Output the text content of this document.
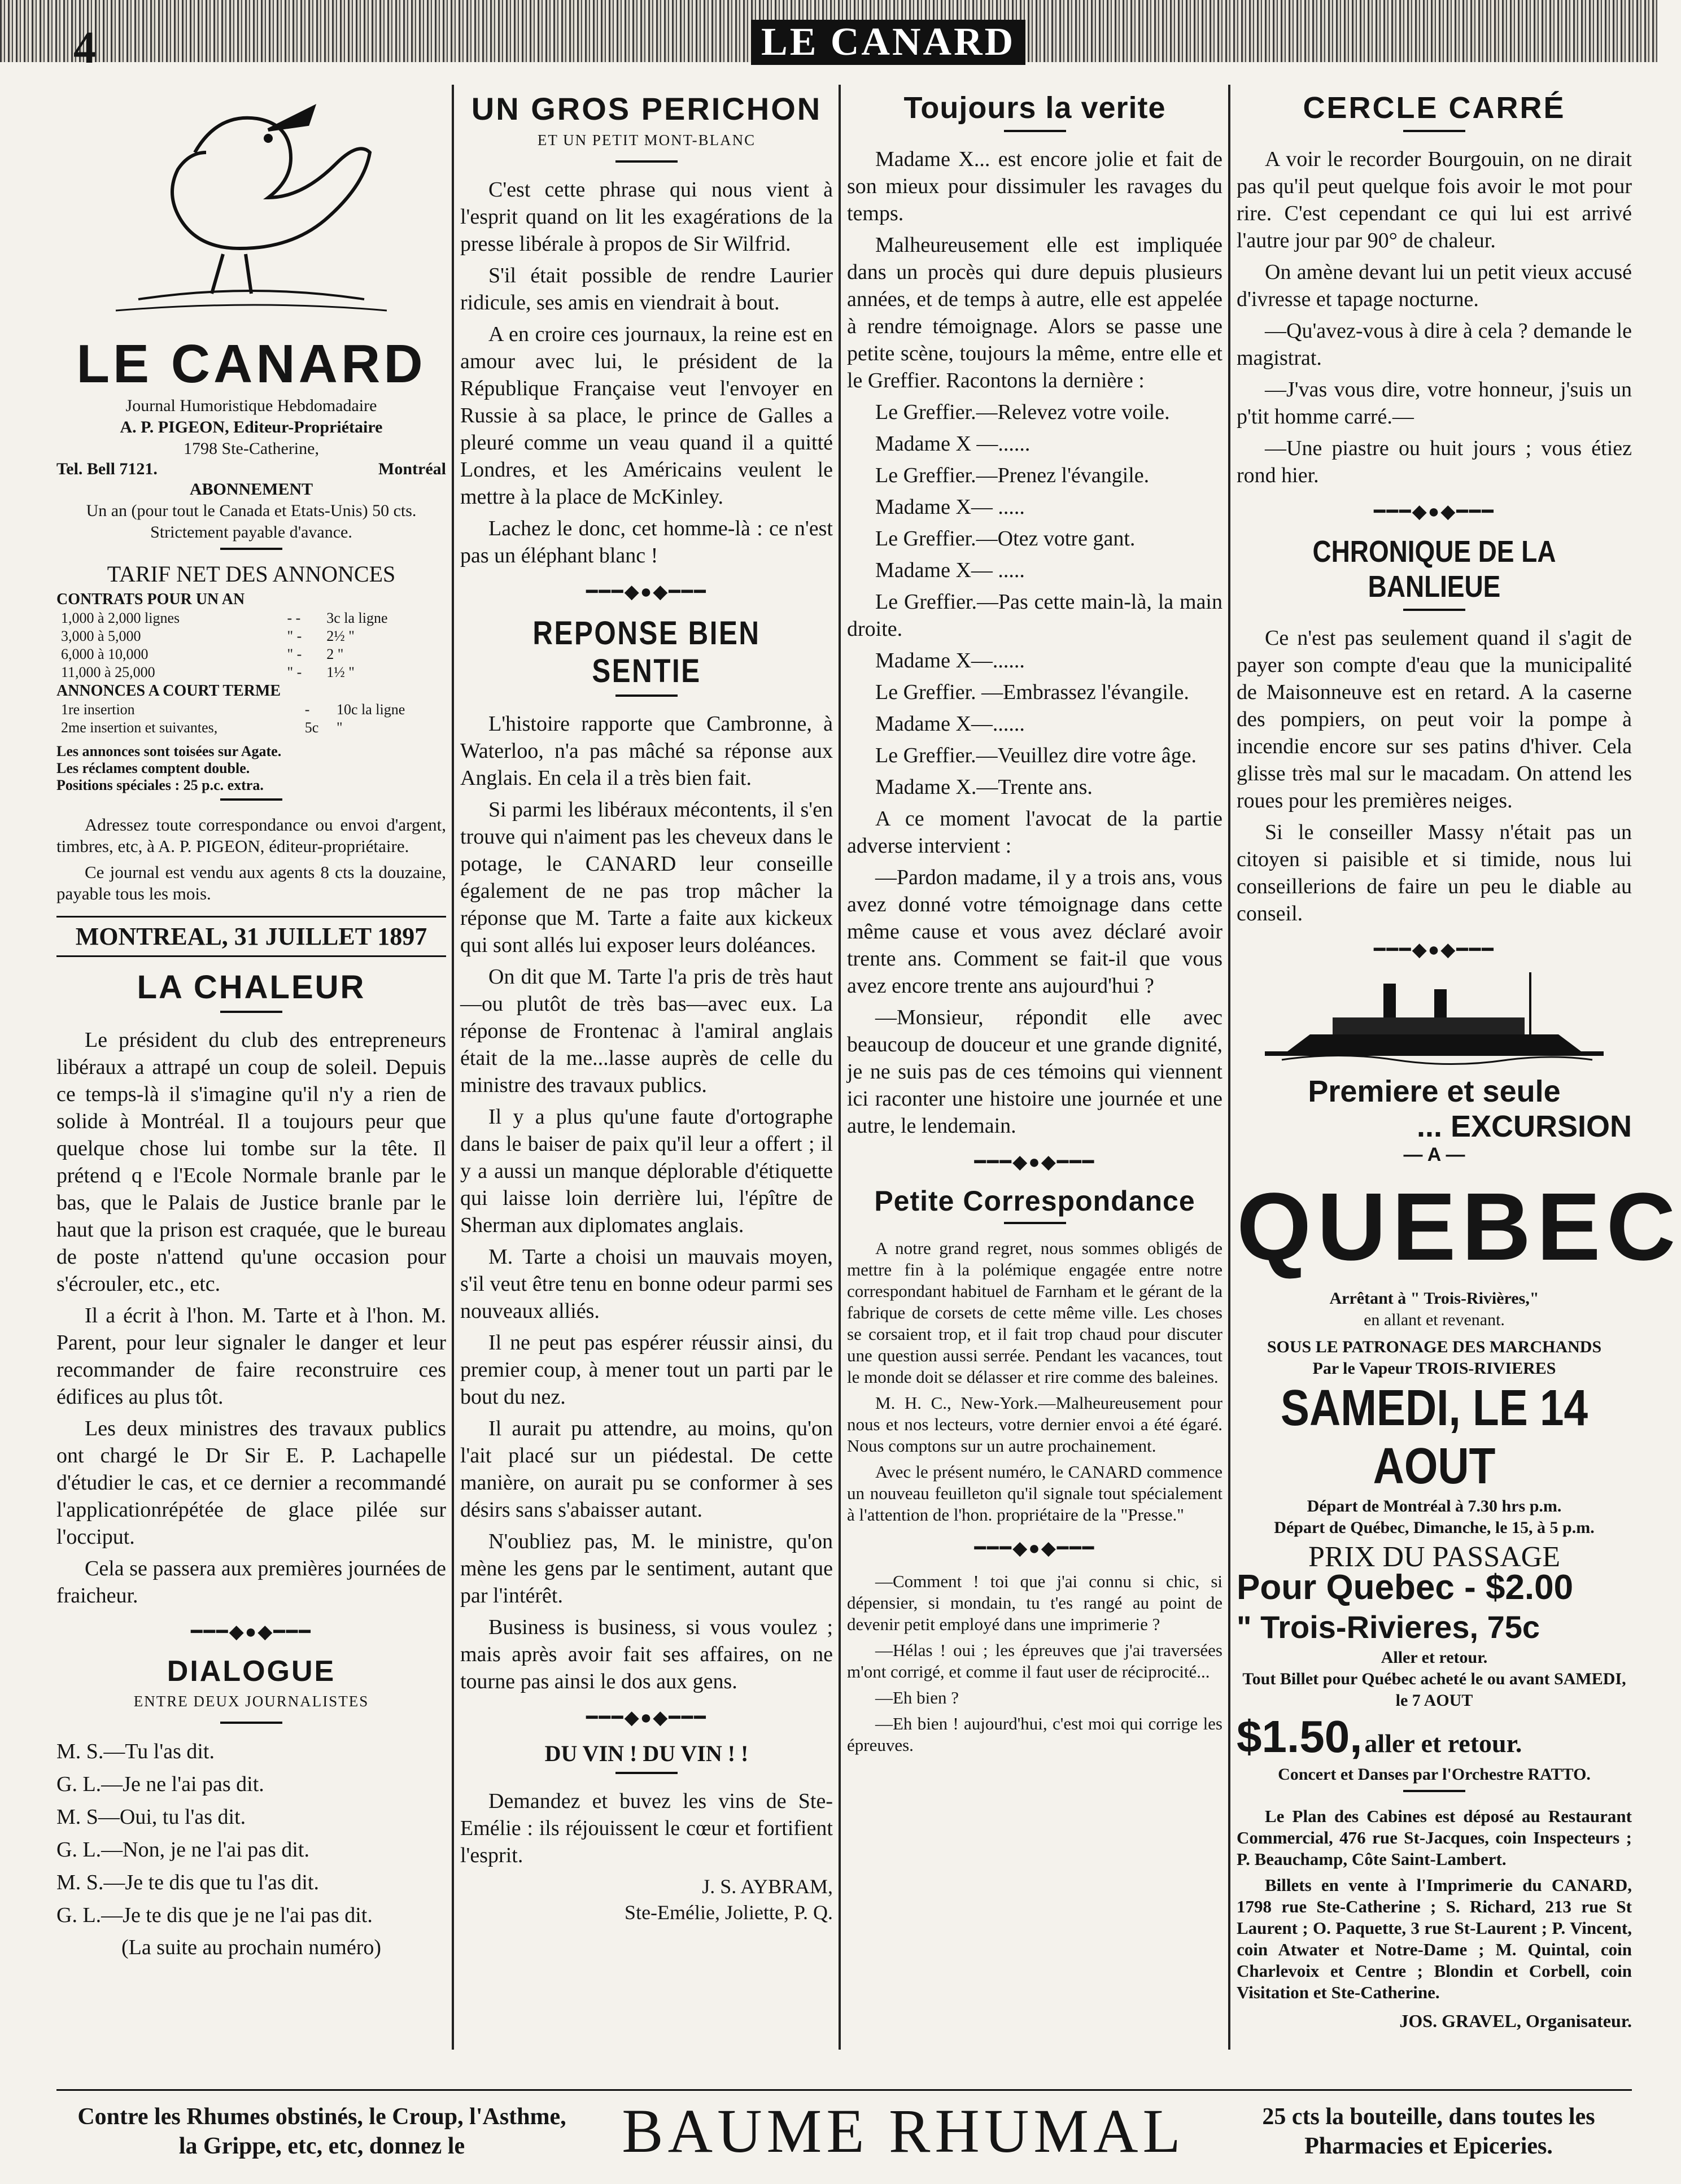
4	LE CANARD
LE CANARD
Journal Humoristique Hebdomadaire
A. P. PIGEON, Editeur-Propriétaire
1798 Ste-Catherine,
Tel. Bell 7121.	Montréal
ABONNEMENT
Un an (pour tout le Canada et Etats-Unis) 50 cts. Strictement payable d'avance.
TARIF NET DES ANNONCES
CONTRATS POUR UN AN
1,000 à 2,000 lignes	- -	3c la ligne
3,000 à 5,000	" -	2½ "
6,000 à 10,000	" -	2 "
11,000 à 25,000	" -	1½ "
ANNONCES A COURT TERME
1re insertion	-	10c la ligne
2me insertion et suivantes,	5c	"
Les annonces sont toisées sur Agate.
Les réclames comptent double.
Positions spéciales : 25 p.c. extra.

Adressez toute correspondance ou envoi d'argent, timbres, etc, à A. P. PIGEON, éditeur-propriétaire.

Ce journal est vendu aux agents 8 cts la douzaine, payable tous les mois.

MONTREAL, 31 JUILLET 1897
LA CHALEUR

Le président du club des entrepreneurs libéraux a attrapé un coup de soleil. Depuis ce temps-là il s'imagine qu'il n'y a rien de solide à Montréal. Il a toujours peur que quelque chose lui tombe sur la tête. Il prétend q e l'Ecole Normale branle par le bas, que le Palais de Justice branle par le haut que la prison est craquée, que le bureau de poste n'attend qu'une occasion pour s'écrouler, etc., etc.

Il a écrit à l'hon. M. Tarte et à l'hon. M. Parent, pour leur signaler le danger et leur recommander de faire reconstruire ces édifices au plus tôt.

Les deux ministres des travaux publics ont chargé le Dr Sir E. P. Lachapelle d'étudier le cas, et ce dernier a recommandé l'applicationrépétée de glace pilée sur l'occiput.

Cela se passera aux premières journées de fraicheur.

━━━◆●◆━━━
DIALOGUE
ENTRE DEUX JOURNALISTES

M. S.—Tu l'as dit.

G. L.—Je ne l'ai pas dit.

M. S—Oui, tu l'as dit.

G. L.—Non, je ne l'ai pas dit.

M. S.—Je te dis que tu l'as dit.

G. L.—Je te dis que je ne l'ai pas dit.

(La suite au prochain numéro)

UN GROS PERICHON
ET UN PETIT MONT-BLANC

C'est cette phrase qui nous vient à l'esprit quand on lit les exagérations de la presse libérale à propos de Sir Wilfrid.

S'il était possible de rendre Laurier ridicule, ses amis en viendrait à bout.

A en croire ces journaux, la reine est en amour avec lui, le président de la République Française veut l'envoyer en Russie à sa place, le prince de Galles a pleuré comme un veau quand il a quitté Londres, et les Américains veulent le mettre à la place de McKinley.

Lachez le donc, cet homme-là : ce n'est pas un éléphant blanc !

━━━◆●◆━━━
REPONSE BIEN SENTIE

L'histoire rapporte que Cambronne, à Waterloo, n'a pas mâché sa réponse aux Anglais. En cela il a très bien fait.

Si parmi les libéraux mécontents, il s'en trouve qui n'aiment pas les cheveux dans le potage, le CANARD leur conseille également de ne pas trop mâcher la réponse que M. Tarte a faite aux kickeux qui sont allés lui exposer leurs doléances.

On dit que M. Tarte l'a pris de très haut—ou plutôt de très bas—avec eux. La réponse de Frontenac à l'amiral anglais était de la me...lasse auprès de celle du ministre des travaux publics.

Il y a plus qu'une faute d'ortographe dans le baiser de paix qu'il leur a offert ; il y a aussi un manque déplorable d'étiquette qui laisse loin derrière lui, l'épître de Sherman aux diplomates anglais.

M. Tarte a choisi un mauvais moyen, s'il veut être tenu en bonne odeur parmi ses nouveaux alliés.

Il ne peut pas espérer réussir ainsi, du premier coup, à mener tout un parti par le bout du nez.

Il aurait pu attendre, au moins, qu'on l'ait placé sur un piédestal. De cette manière, on aurait pu se conformer à ses désirs sans s'abaisser autant.

N'oubliez pas, M. le ministre, qu'on mène les gens par le sentiment, autant que par l'intérêt.

Business is business, si vous voulez ; mais après avoir fait ses affaires, on ne tourne pas ainsi le dos aux gens.

━━━◆●◆━━━

DU VIN ! DU VIN ! !

Demandez et buvez les vins de Ste-Emélie : ils réjouissent le cœur et fortifient l'esprit.

J. S. AYBRAM,
Ste-Emélie, Joliette, P. Q.
Toujours la verite

Madame X... est encore jolie et fait de son mieux pour dissimuler les ravages du temps.

Malheureusement elle est impliquée dans un procès qui dure depuis plusieurs années, et de temps à autre, elle est appelée à rendre témoignage. Alors se passe une petite scène, toujours la même, entre elle et le Greffier. Racontons la dernière :

Le Greffier.—Relevez votre voile.

Madame X —......

Le Greffier.—Prenez l'évangile.

Madame X— .....

Le Greffier.—Otez votre gant.

Madame X— .....

Le Greffier.—Pas cette main-là, la main droite.

Madame X—......

Le Greffier. —Embrassez l'évangile.

Madame X—......

Le Greffier.—Veuillez dire votre âge.

Madame X.—Trente ans.

A ce moment l'avocat de la partie adverse intervient :

—Pardon madame, il y a trois ans, vous avez donné votre témoignage dans cette même cause et vous avez déclaré avoir trente ans. Comment se fait-il que vous avez encore trente ans aujourd'hui ?

—Monsieur, répondit elle avec beaucoup de douceur et une grande dignité, je ne suis pas de ces témoins qui viennent ici raconter une histoire une journée et une autre, le lendemain.

━━━◆●◆━━━
Petite Correspondance

A notre grand regret, nous sommes obligés de mettre fin à la polémique engagée entre notre correspondant habituel de Farnham et le gérant de la fabrique de corsets de cette même ville. Les choses se corsaient trop, et il fait trop chaud pour discuter une question aussi serrée. Pendant les vacances, tout le monde doit se délasser et rire comme des baleines.

M. H. C., New-York.—Malheureusement pour nous et nos lecteurs, votre dernier envoi a été égaré. Nous comptons sur un autre prochainement.

Avec le présent numéro, le CANARD commence un nouveau feuilleton qu'il signale tout spécialement à l'attention de l'hon. propriétaire de la "Presse."

━━━◆●◆━━━

—Comment ! toi que j'ai connu si chic, si dépensier, si mondain, tu t'es rangé au point de devenir petit employé dans une imprimerie ?

—Hélas ! oui ; les épreuves que j'ai traversées m'ont corrigé, et comme il faut user de réciprocité...

—Eh bien ?

—Eh bien ! aujourd'hui, c'est moi qui corrige les épreuves.

CERCLE CARRÉ

A voir le recorder Bourgouin, on ne dirait pas qu'il peut quelque fois avoir le mot pour rire. C'est cependant ce qui lui est arrivé l'autre jour par 90° de chaleur.

On amène devant lui un petit vieux accusé d'ivresse et tapage nocturne.

—Qu'avez-vous à dire à cela ? demande le magistrat.

—J'vas vous dire, votre honneur, j'suis un p'tit homme carré.—

—Une piastre ou huit jours ; vous étiez rond hier.

━━━◆●◆━━━
CHRONIQUE DE LA BANLIEUE

Ce n'est pas seulement quand il s'agit de payer son compte d'eau que la municipalité de Maisonneuve est en retard. A la caserne des pompiers, on peut voir la pompe à incendie encore sur ses patins d'hiver. Cela glisse très mal sur le macadam. On attend les roues pour les premières neiges.

Si le conseiller Massy n'était pas un citoyen si paisible et si timide, nous lui conseillerions de faire un peu le diable au conseil.

━━━◆●◆━━━
Premiere et seule
... EXCURSION
— A —
QUEBEC
Arrêtant à " Trois-Rivières,"
en allant et revenant.
SOUS LE PATRONAGE DES MARCHANDS
Par le Vapeur TROIS-RIVIERES
SAMEDI, LE 14 AOUT
Départ de Montréal à 7.30 hrs p.m.
Départ de Québec, Dimanche, le 15, à 5 p.m.
PRIX DU PASSAGE
Pour Quebec - $2.00
" Trois-Rivieres, 75c
Aller et retour.
Tout Billet pour Québec acheté le ou avant SAMEDI, le 7 AOUT
$1.50, aller et retour.
Concert et Danses par l'Orchestre RATTO.

Le Plan des Cabines est déposé au Restaurant Commercial, 476 rue St-Jacques, coin Inspecteurs ; P. Beauchamp, Côte Saint-Lambert.

Billets en vente à l'Imprimerie du CANARD, 1798 rue Ste-Catherine ; S. Richard, 213 rue St Laurent ; O. Paquette, 3 rue St-Laurent ; P. Vincent, coin Atwater et Notre-Dame ; M. Quintal, coin Charlevoix et Centre ; Blondin et Corbell, coin Visitation et Ste-Catherine.

JOS. GRAVEL, Organisateur.
Contre les Rhumes obstinés, le Croup, l'Asthme, la Grippe, etc, etc, donnez le	BAUME RHUMAL	25 cts la bouteille, dans toutes les Pharmacies et Epiceries.
